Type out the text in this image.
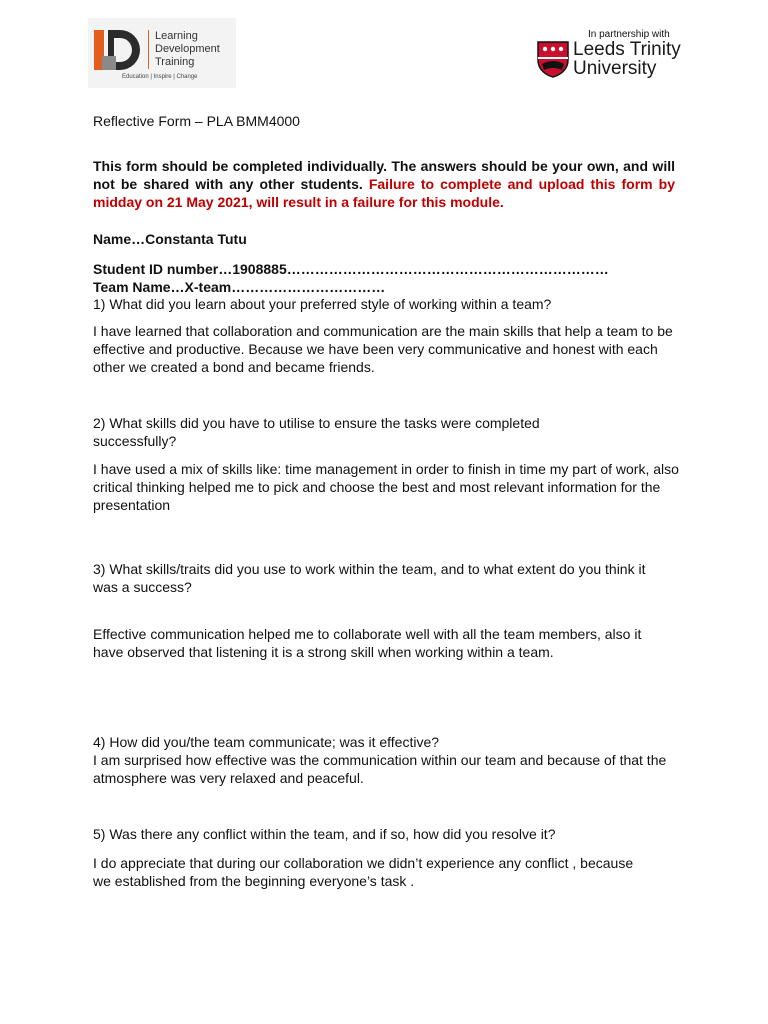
Learning
Development
Training
Education | Inspire | Change
In partnership with
Leeds Trinity
University
Reflective Form – PLA BMM4000
This form should be completed individually. The answers should be your own, and will not be shared with any other students. Failure to complete and upload this form by midday on 21 May 2021, will result in a failure for this module.
Name…Constanta Tutu
Student ID number…1908885……………………………………………………………
Team Name…X-team……………………………
1) What did you learn about your preferred style of working within a team?
I have learned that collaboration and communication are the main skills that help a team to be effective and productive. Because we have been very communicative and honest with each other we created a bond and became friends.
2) What skills did you have to utilise to ensure the tasks were completed successfully?
I have used a mix of skills like: time management in order to finish in time my part of work, also critical thinking helped me to pick and choose the best and most relevant information for the presentation
3) What skills/traits did you use to work within the team, and to what extent do you think it was a success?
Effective communication helped me to collaborate well with all the team members, also it have observed that listening it is a strong skill when working within a team.
4) How did you/the team communicate; was it effective?
I am surprised how effective was the communication within our team and because of that the atmosphere was very relaxed and peaceful.
5) Was there any conflict within the team, and if so, how did you resolve it?
I do appreciate that during our collaboration we didn’t experience any conflict , because we established from the beginning everyone’s task .
